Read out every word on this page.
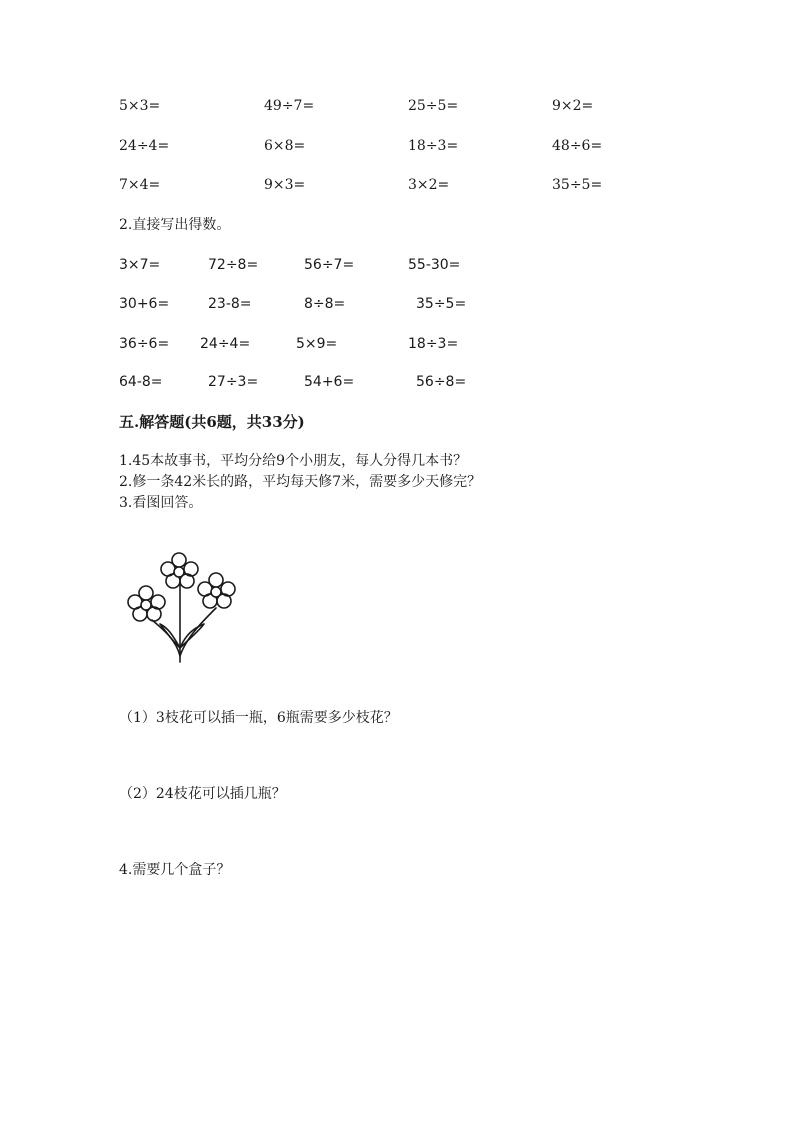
5×3=	49÷7=	25÷5=	9×2=
24÷4=	6×8=	18÷3=	48÷6=
7×4=	9×3=	3×2=	35÷5=
2.直接写出得数。
3×7=	72÷8=	56÷7=	55-30=
30+6=	23-8=	8÷8=	35÷5=
36÷6= 24÷4=	5×9=	18÷3=
64-8=	27÷3=	54+6=	56÷8=
五.解答题(共6题，共33分)
1.45本故事书，平均分给9个小朋友，每人分得几本书？
2.修一条42米长的路，平均每天修7米，需要多少天修完？
3.看图回答。
（1）3枝花可以插一瓶，6瓶需要多少枝花？
（2）24枝花可以插几瓶？
4.需要几个盒子？
